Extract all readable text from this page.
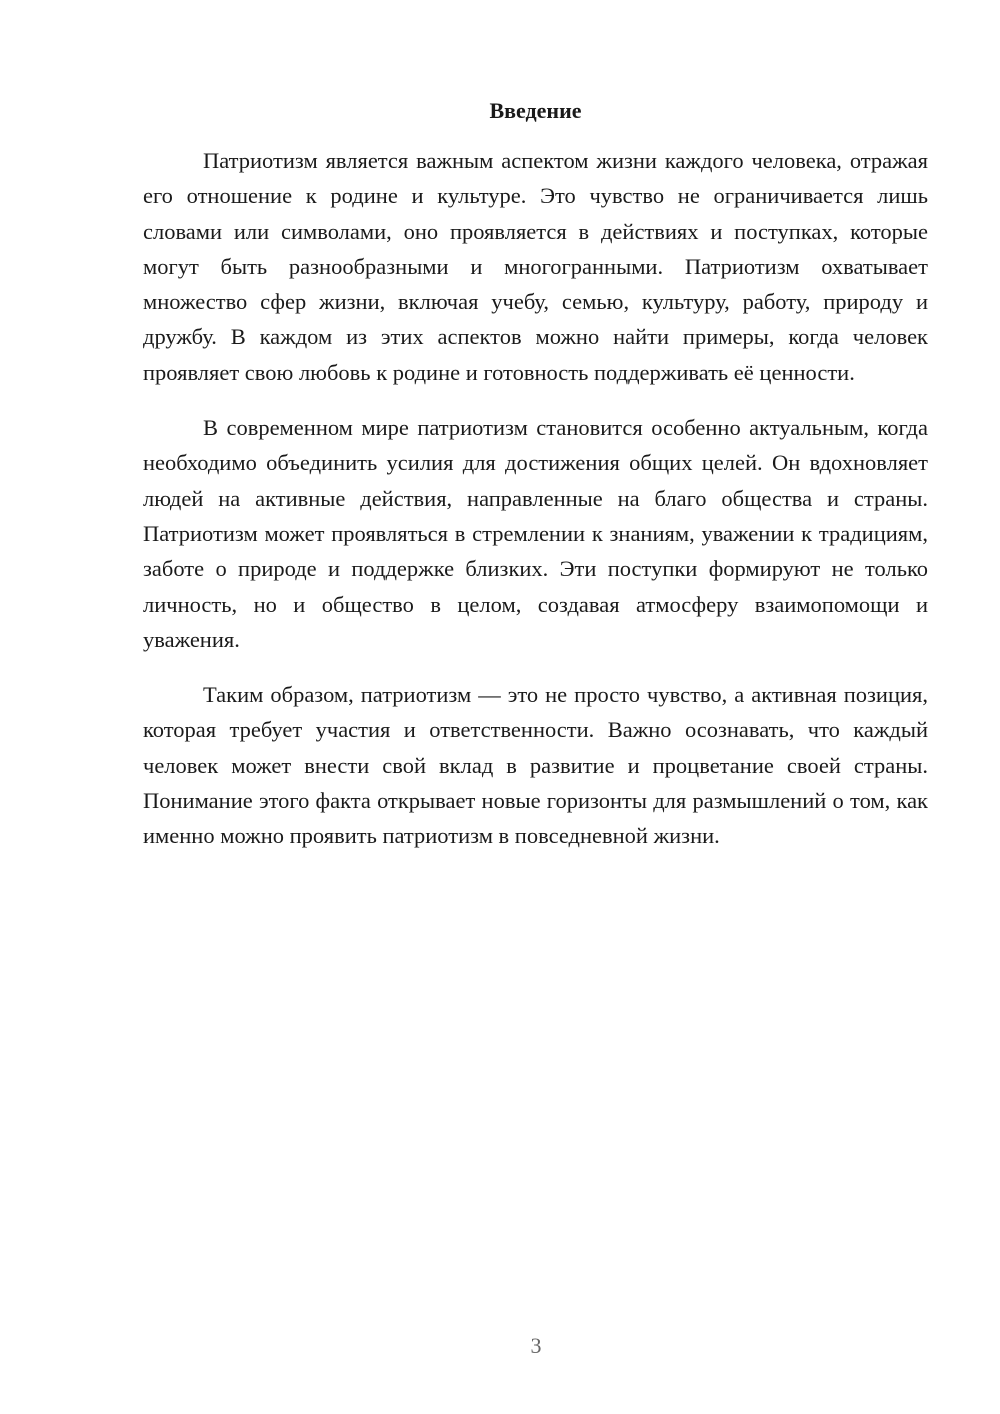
Введение

Патриотизм является важным аспектом жизни каждого человека, отражая его отношение к родине и культуре. Это чувство не ограничивается лишь словами или символами, оно проявляется в действиях и поступках, которые могут быть разнообразными и многогранными. Патриотизм охватывает множество сфер жизни, включая учебу, семью, культуру, работу, природу и дружбу. В каждом из этих аспектов можно найти примеры, когда человек проявляет свою любовь к родине и готовность поддерживать её ценности.

В современном мире патриотизм становится особенно актуальным, когда необходимо объединить усилия для достижения общих целей. Он вдохновляет людей на активные действия, направленные на благо общества и страны. Патриотизм может проявляться в стремлении к знаниям, уважении к традициям, заботе о природе и поддержке близких. Эти поступки формируют не только личность, но и общество в целом, создавая атмосферу взаимопомощи и уважения.

Таким образом, патриотизм — это не просто чувство, а активная позиция, которая требует участия и ответственности. Важно осознавать, что каждый человек может внести свой вклад в развитие и процветание своей страны. Понимание этого факта открывает новые горизонты для размышлений о том, как именно можно проявить патриотизм в повседневной жизни.

3
